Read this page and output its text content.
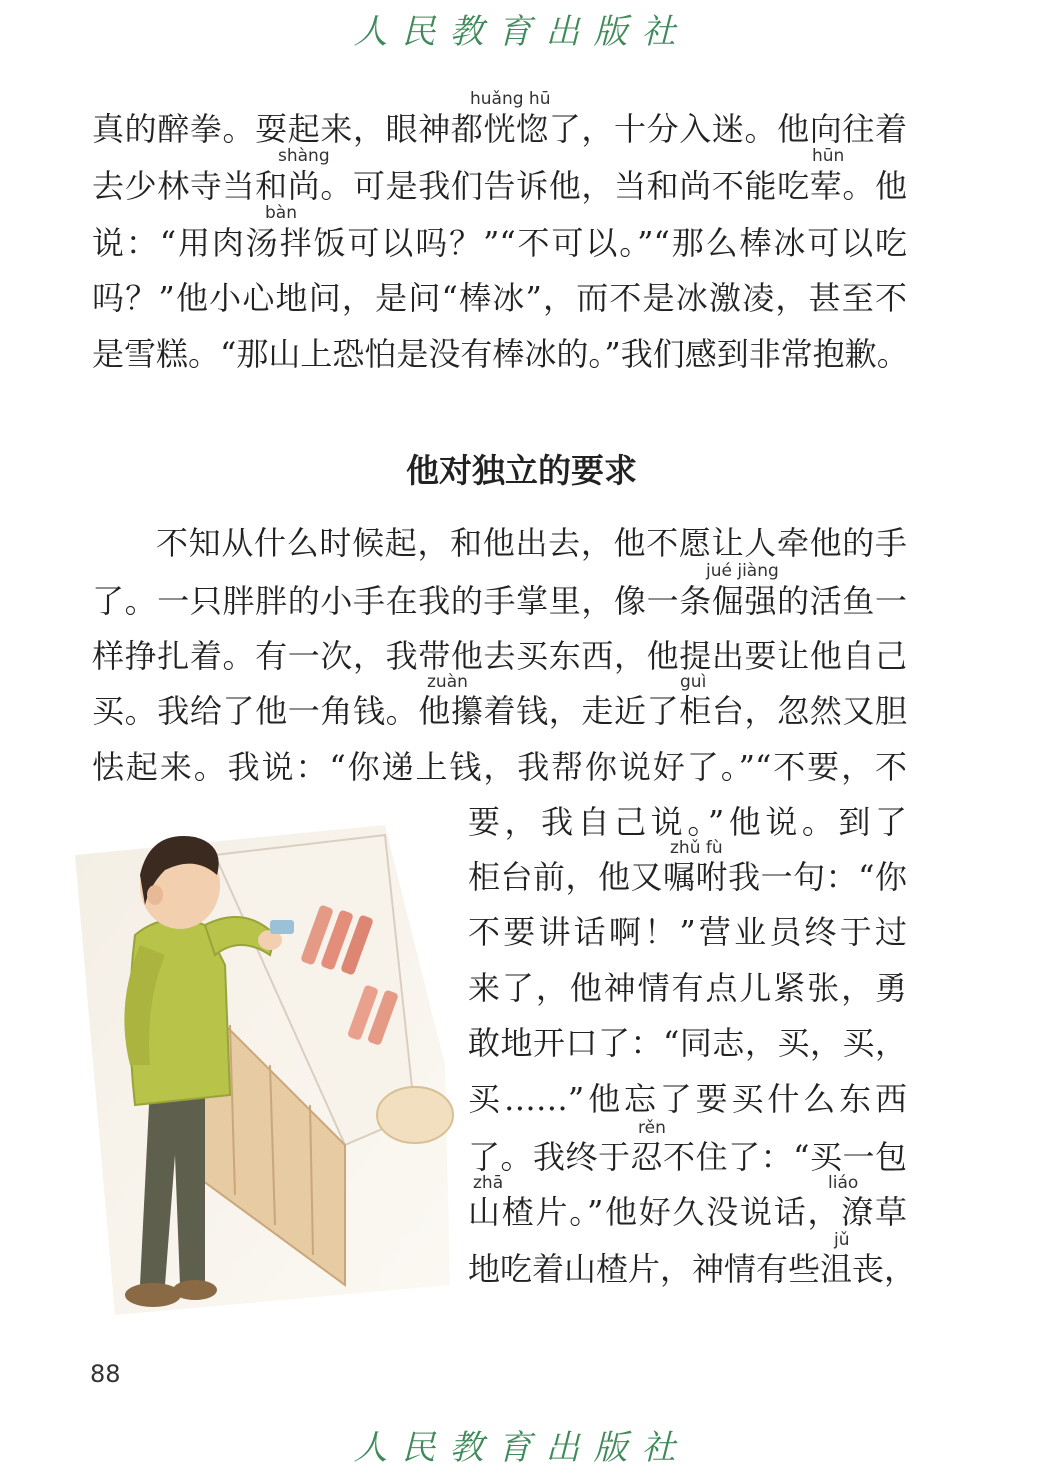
人民教育出版社
huǎng hū
真的醉拳。耍起来，眼神都恍惚了，十分入迷。他向往着
shàng	hūn
去少林寺当和尚。可是我们告诉他，当和尚不能吃荤。他
bàn
说：“用肉汤拌饭可以吗？”“不可以。”“那么棒冰可以吃
吗？”他小心地问，是问“棒冰”，而不是冰激凌，甚至不
是雪糕。“那山上恐怕是没有棒冰的。”我们感到非常抱歉。
他对独立的要求
不知从什么时候起，和他出去，他不愿让人牵他的手
jué jiàng
了。一只胖胖的小手在我的手掌里，像一条倔强的活鱼一
样挣扎着。有一次，我带他去买东西，他提出要让他自己
zuàn	guì
买。我给了他一角钱。他攥着钱，走近了柜台，忽然又胆
怯起来。我说：“你递上钱，我帮你说好了。”“不要，不
要，我自己说。”他说。到了
zhǔ fù
柜台前，他又嘱咐我一句：“你
不要讲话啊！”营业员终于过
来了，他神情有点儿紧张，勇
敢地开口了：“同志，买，买，
买……”他忘了要买什么东西
rěn
了。我终于忍不住了：“买一包
zhā	liáo
山楂片。”他好久没说话，潦草
jǔ
地吃着山楂片，神情有些沮丧，
88
人民教育出版社
